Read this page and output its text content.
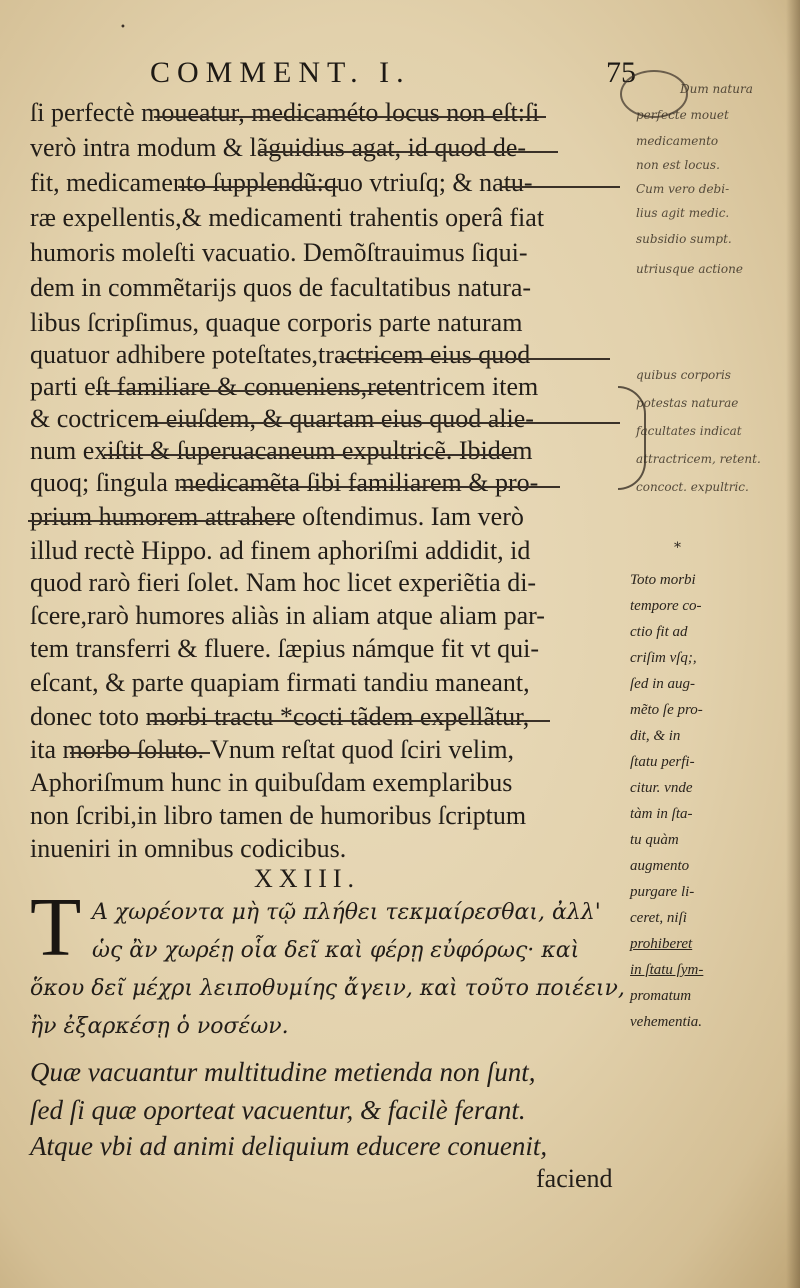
•
COMMENT. I.	75
ſi perfectè moueatur, medicaméto locus non eſt:ſi
verò intra modum & lãguidius agat, id quod de-
fit, medicamento ſupplendũ:quo vtriuſq; & natu-
ræ expellentis,& medicamenti trahentis operâ fiat
humoris moleſti vacuatio. Demõſtrauimus ſiqui-
dem in commẽtarijs quos de facultatibus natura-
libus ſcripſimus, quaque corporis parte naturam
quatuor adhibere poteſtates,tractricem eius quod
parti eſt familiare & conueniens,retentricem item
& coctricem eiuſdem, & quartam eius quod alie-
num exiſtit & ſuperuacaneum expultricẽ. Ibidem
quoq; ſingula medicamẽta ſibi familiarem & pro-
prium humorem attrahere oſtendimus. Iam verò
illud rectè Hippo. ad finem aphoriſmi addidit, id
quod rarò fieri ſolet. Nam hoc licet experiẽtia di-
ſcere,rarò humores aliàs in aliam atque aliam par-
tem transferri & fluere. ſæpius námque fit vt qui-
eſcant, & parte quapiam firmati tandiu maneant,
donec toto morbi tractu *cocti tãdem expellãtur,
ita morbo ſoluto. Vnum reſtat quod ſciri velim,
Aphoriſmum hunc in quibuſdam exemplaribus
non ſcribi,in libro tamen de humoribus ſcriptum
inueniri in omnibus codicibus.
XXIII.
T Α χωρέοντα μὴ τῷ πλήθει τεκμαίρεσθαι, ἀλλ'
ὡς ἂν χωρέῃ οἷα δεῖ καὶ φέρῃ εὐφόρως· καὶ
ὅκου δεῖ μέχρι λειποθυμίης ἄγειν, καὶ τοῦτο ποιέειν,
ἢν ἐξαρκέσῃ ὁ νοσέων.
Quæ vacuantur multitudine metienda non ſunt,
ſed ſi quæ oporteat vacuentur, & facilè ferant.
Atque vbi ad animi deliquium educere conuenit,
faciend
*
Toto morbi
tempore co-
ctio fit ad
criſim vſq;,
ſed in aug-
mẽto ſe pro-
dit, & in
ſtatu perfi-
citur. vnde
tàm in ſta-
tu quàm
augmento
purgare li-
ceret, niſi
prohiberet
in ſtatu ſym-
promatum
vehementia.
Dum natura
perfecte mouet
medicamento
non est locus.
Cum vero debi-
lius agit medic.
subsidio sumpt.
utriusque actione
quibus corporis
potestas naturae
facultates indicat
attractricem, retent.
concoct. expultric.
